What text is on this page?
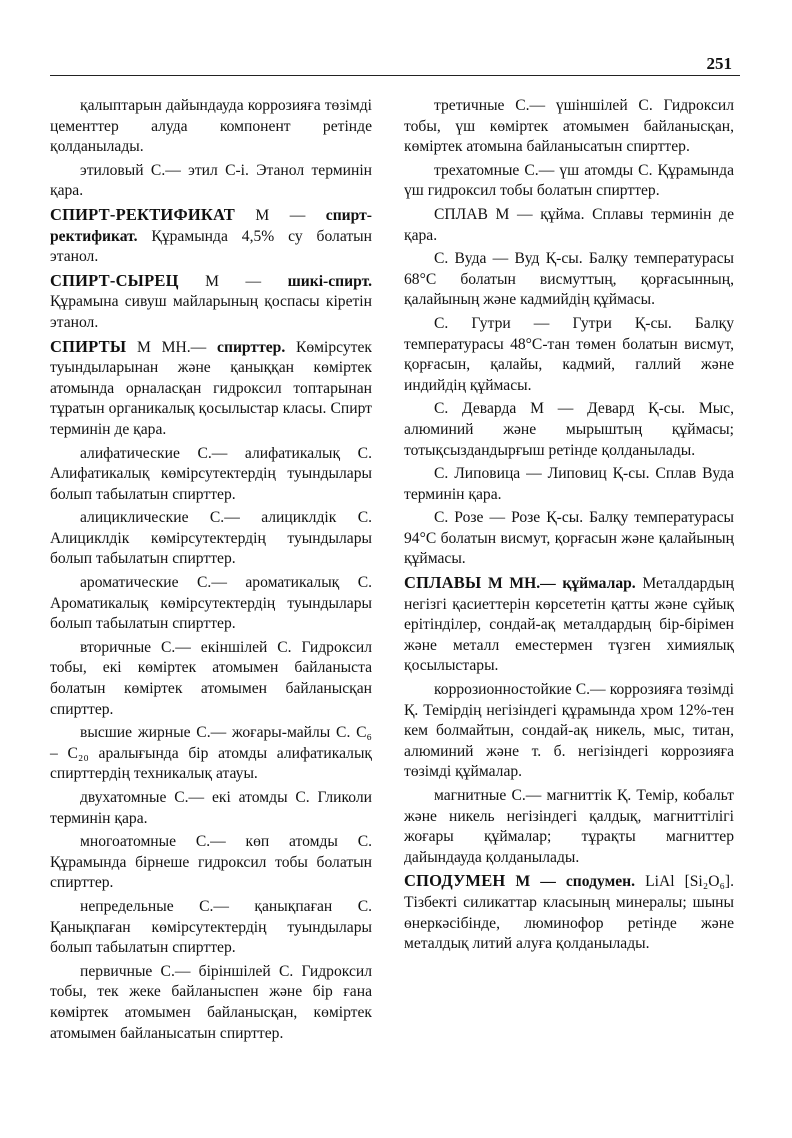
251

қалыптарын дайындауда коррозияға төзімді цементтер алуда компонент ретінде қолданылады.

этиловый С.— этил С-і. Этанол терминін қара.

СПИРТ-РЕКТИФИКАТ М — спирт-ректификат. Құрамында 4,5% су болатын этанол.

СПИРТ-СЫРЕЦ М — шикі-спирт. Құрамына сивуш майларының қоспасы кіретін этанол.

СПИРТЫ М МН.— спирттер. Көмірсутек туындыларынан және қаныққан көміртек атомында орналасқан гидроксил топтарынан тұратын органикалық қосылыстар класы. Спирт терминін де қара.

алифатические С.— алифатикалық С. Алифатикалық көмірсутектердің туындылары болып табылатын спирттер.

алициклические С.— алициклдік С. Алициклдік көмірсутектердің туындылары болып табылатын спирттер.

ароматические С.— ароматикалық С. Ароматикалық көмірсутектердің туындылары болып табылатын спирттер.

вторичные С.— екіншілей С. Гидроксил тобы, екі көміртек атомымен байланыста болатын көміртек атомымен байланысқан спирттер.

высшие жирные С.— жоғары-майлы С. С₆ – С₂₀ аралығында бір атомды алифатикалық спирттердің техникалық атауы.

двухатомные С.— екі атомды С. Гликоли терминін қара.

многоатомные С.— көп атомды С. Құрамында бірнеше гидроксил тобы болатын спирттер.

непредельные С.— қанықпаған С. Қанықпаған көмірсутектердің туындылары болып табылатын спирттер.

первичные С.— біріншілей С. Гидроксил тобы, тек жеке байланыспен және бір ғана көміртек атомымен байланысқан, көміртек атомымен байланысатын спирттер.

третичные С.— үшіншілей С. Гидроксил тобы, үш көміртек атомымен байланысқан, көміртек атомына байланысатын спирттер.

трехатомные С.— үш атомды С. Құрамында үш гидроксил тобы болатын спирттер.

СПЛАВ М — құйма. Сплавы терминін де қара.

С. Вуда — Вуд Қ-сы. Балқу температурасы 68°С болатын висмуттың, қорғасынның, қалайының және кадмийдің құймасы.

С. Гутри — Гутри Қ-сы. Балқу температурасы 48°С-тан төмен болатын висмут, қорғасын, қалайы, кадмий, галлий және индийдің құймасы.

С. Деварда М — Девард Қ-сы. Мыс, алюминий және мырыштың құймасы; тотықсыздандырғыш ретінде қолданылады.

С. Липовица — Липовиц Қ-сы. Сплав Вуда терминін қара.

С. Розе — Розе Қ-сы. Балқу температурасы 94°С болатын висмут, қорғасын және қалайының құймасы.

СПЛАВЫ М МН.— құймалар. Металдардың негізгі қасиеттерін көрсететін қатты және сұйық ерітінділер, сондай-ақ металдардың бір-бірімен және металл еместермен түзген химиялық қосылыстары.

коррозионностойкие С.— коррозияға төзімді Қ. Темірдің негізіндегі құрамында хром 12%-тен кем болмайтын, сондай-ақ никель, мыс, титан, алюминий және т. б. негізіндегі коррозияға төзімді құймалар.

магнитные С.— магниттік Қ. Темір, кобальт және никель негізіндегі қалдық, магниттілігі жоғары құймалар; тұрақты магниттер дайындауда қолданылады.

СПОДУМЕН М — сподумен. LiAl [Si₂O₆]. Тізбекті силикаттар класының минералы; шыны өнеркәсібінде, люминофор ретінде және металдық литий алуға қолданылады.
